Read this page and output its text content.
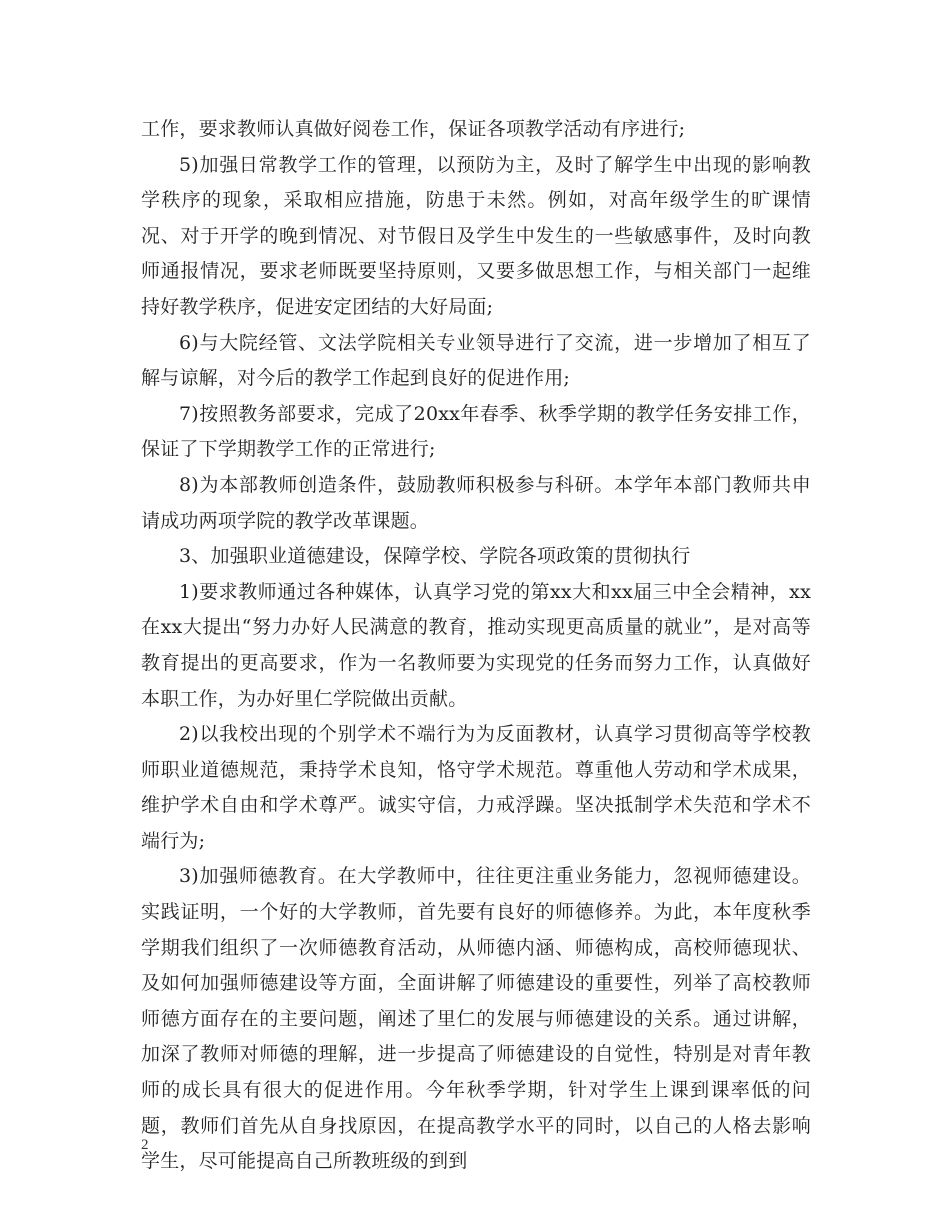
工作，要求教师认真做好阅卷工作，保证各项教学活动有序进行;

5)加强日常教学工作的管理，以预防为主，及时了解学生中出现的影响教学秩序的现象，采取相应措施，防患于未然。例如，对高年级学生的旷课情况、对于开学的晚到情况、对节假日及学生中发生的一些敏感事件，及时向教师通报情况，要求老师既要坚持原则，又要多做思想工作，与相关部门一起维持好教学秩序，促进安定团结的大好局面;

6)与大院经管、文法学院相关专业领导进行了交流，进一步增加了相互了解与谅解，对今后的教学工作起到良好的促进作用;

7)按照教务部要求，完成了20xx年春季、秋季学期的教学任务安排工作，保证了下学期教学工作的正常进行;

8)为本部教师创造条件，鼓励教师积极参与科研。本学年本部门教师共申请成功两项学院的教学改革课题。

3、加强职业道德建设，保障学校、学院各项政策的贯彻执行

1)要求教师通过各种媒体，认真学习党的第xx大和xx届三中全会精神，xx在xx大提出“努力办好人民满意的教育，推动实现更高质量的就业”，是对高等教育提出的更高要求，作为一名教师要为实现党的任务而努力工作，认真做好本职工作，为办好里仁学院做出贡献。

2)以我校出现的个别学术不端行为为反面教材，认真学习贯彻高等学校教师职业道德规范，秉持学术良知，恪守学术规范。尊重他人劳动和学术成果，维护学术自由和学术尊严。诚实守信，力戒浮躁。坚决抵制学术失范和学术不端行为;

3)加强师德教育。在大学教师中，往往更注重业务能力，忽视师德建设。实践证明，一个好的大学教师，首先要有良好的师德修养。为此，本年度秋季学期我们组织了一次师德教育活动，从师德内涵、师德构成，高校师德现状、及如何加强师德建设等方面，全面讲解了师德建设的重要性，列举了高校教师师德方面存在的主要问题，阐述了里仁的发展与师德建设的关系。通过讲解，加深了教师对师德的理解，进一步提高了师德建设的自觉性，特别是对青年教师的成长具有很大的促进作用。今年秋季学期，针对学生上课到课率低的问题，教师们首先从自身找原因，在提高教学水平的同时，以自己的人格去影响学生，尽可能提高自己所教班级的到到

2
